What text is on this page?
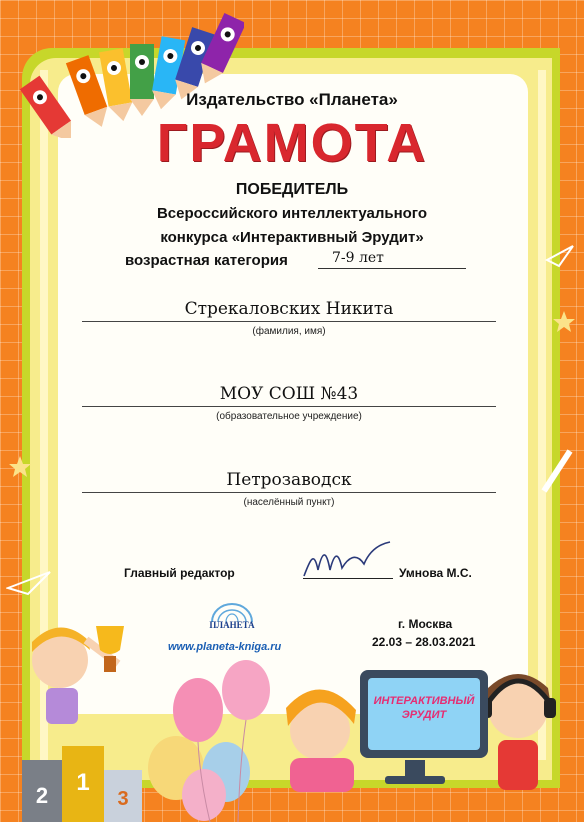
Издательство «Планета»
ГРАМОТА
ПОБЕДИТЕЛЬ
Всероссийского интеллектуального
конкурса «Интерактивный Эрудит»
возрастная категория	7-9 лет
Стрекаловских Никита
(фамилия, имя)
МОУ СОШ №43
(образовательное учреждение)
Петрозаводск
(населённый пункт)
Главный редактор	Умнова М.С.
ПЛАНЕТА
www.planeta-kniga.ru
г. Москва
22.03 – 28.03.2021
2 1
3
ИНТЕРАКТИВНЫЙ
ЭРУДИТ
